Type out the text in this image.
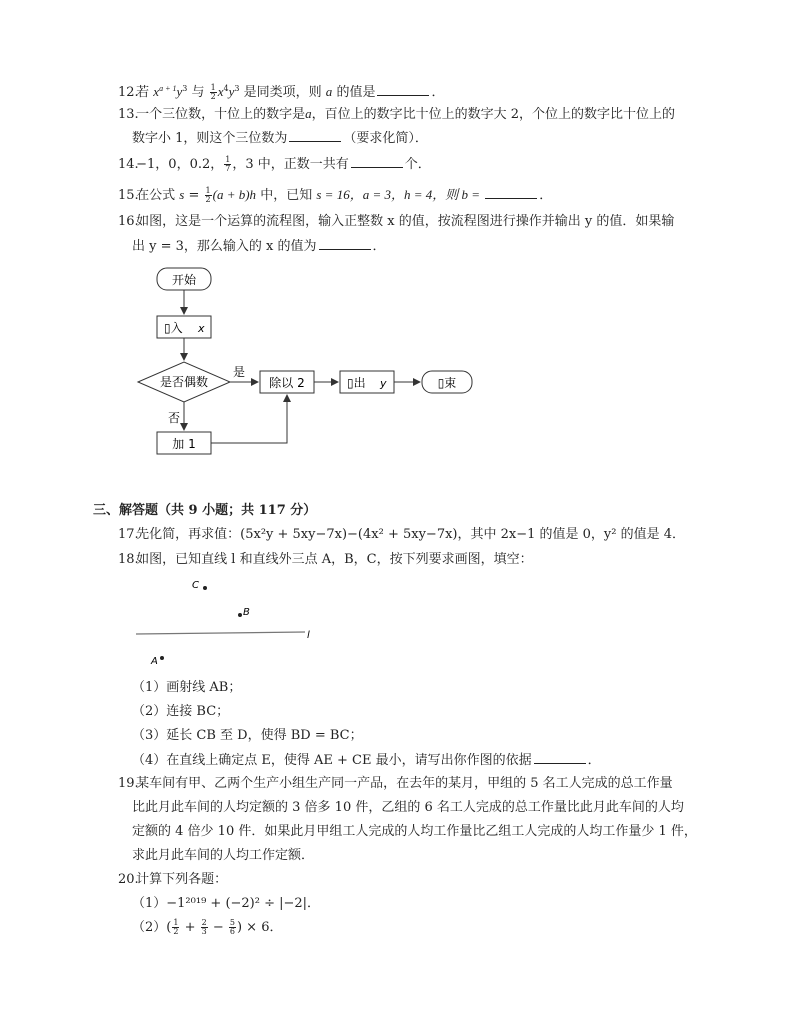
12. 若 $x^{a + 1}y^3$ 与 $\frac{1}{2} x^4y^3$ 是同类项，则 a 的值是	．
13. 一个三位数，十位上的数字是a，百位上的数字比十位上的数字大 2，个位上的数字比十位上的
数字小 1，则这个三位数为	（要求化简）．
14. −1，0，0.2， $\frac{1}{7}$ ，3 中，正数一共有	个．
15. 在公式 $s = \frac{1}{2} (a + b)h$ 中，已知 s = 16，a = 3，h = 4，则 b =	．
16. 如图，这是一个运算的流程图，输入正整数 x 的值，按流程图进行操作并输出 y 的值．如果输
出 y = 3，那么输入的 x 的值为	．
开始
▯入 x
是否偶数
是
除以 2	▯出 y	▯束
否
加 1
三、解答题（共 9 小题；共 117 分）
17. 先化简，再求值：(5x²y + 5xy−7x)−(4x² + 5xy−7x)，其中 2x−1 的值是 0，y² 的值是 4．
18. 如图，已知直线 l 和直线外三点 A，B，C，按下列要求画图，填空：
C
B
l
A
（1）画射线 AB；
（2）连接 BC；
（3）延长 CB 至 D，使得 BD = BC；
（4）在直线上确定点 E，使得 AE + CE 最小，请写出你作图的依据	．
19. 某车间有甲、乙两个生产小组生产同一产品，在去年的某月，甲组的 5 名工人完成的总工作量
比此月此车间的人均定额的 3 倍多 10 件，乙组的 6 名工人完成的总工作量比此月此车间的人均
定额的 4 倍少 10 件．如果此月甲组工人完成的人均工作量比乙组工人完成的人均工作量少 1 件，
求此月此车间的人均工作定额．
20. 计算下列各题：
（1）−1²⁰¹⁹ + (−2)² ÷ |−2|．
$(2)( \frac{1}{2} + \frac{2}{3} - \frac{5}{6}$ ) × 6．
